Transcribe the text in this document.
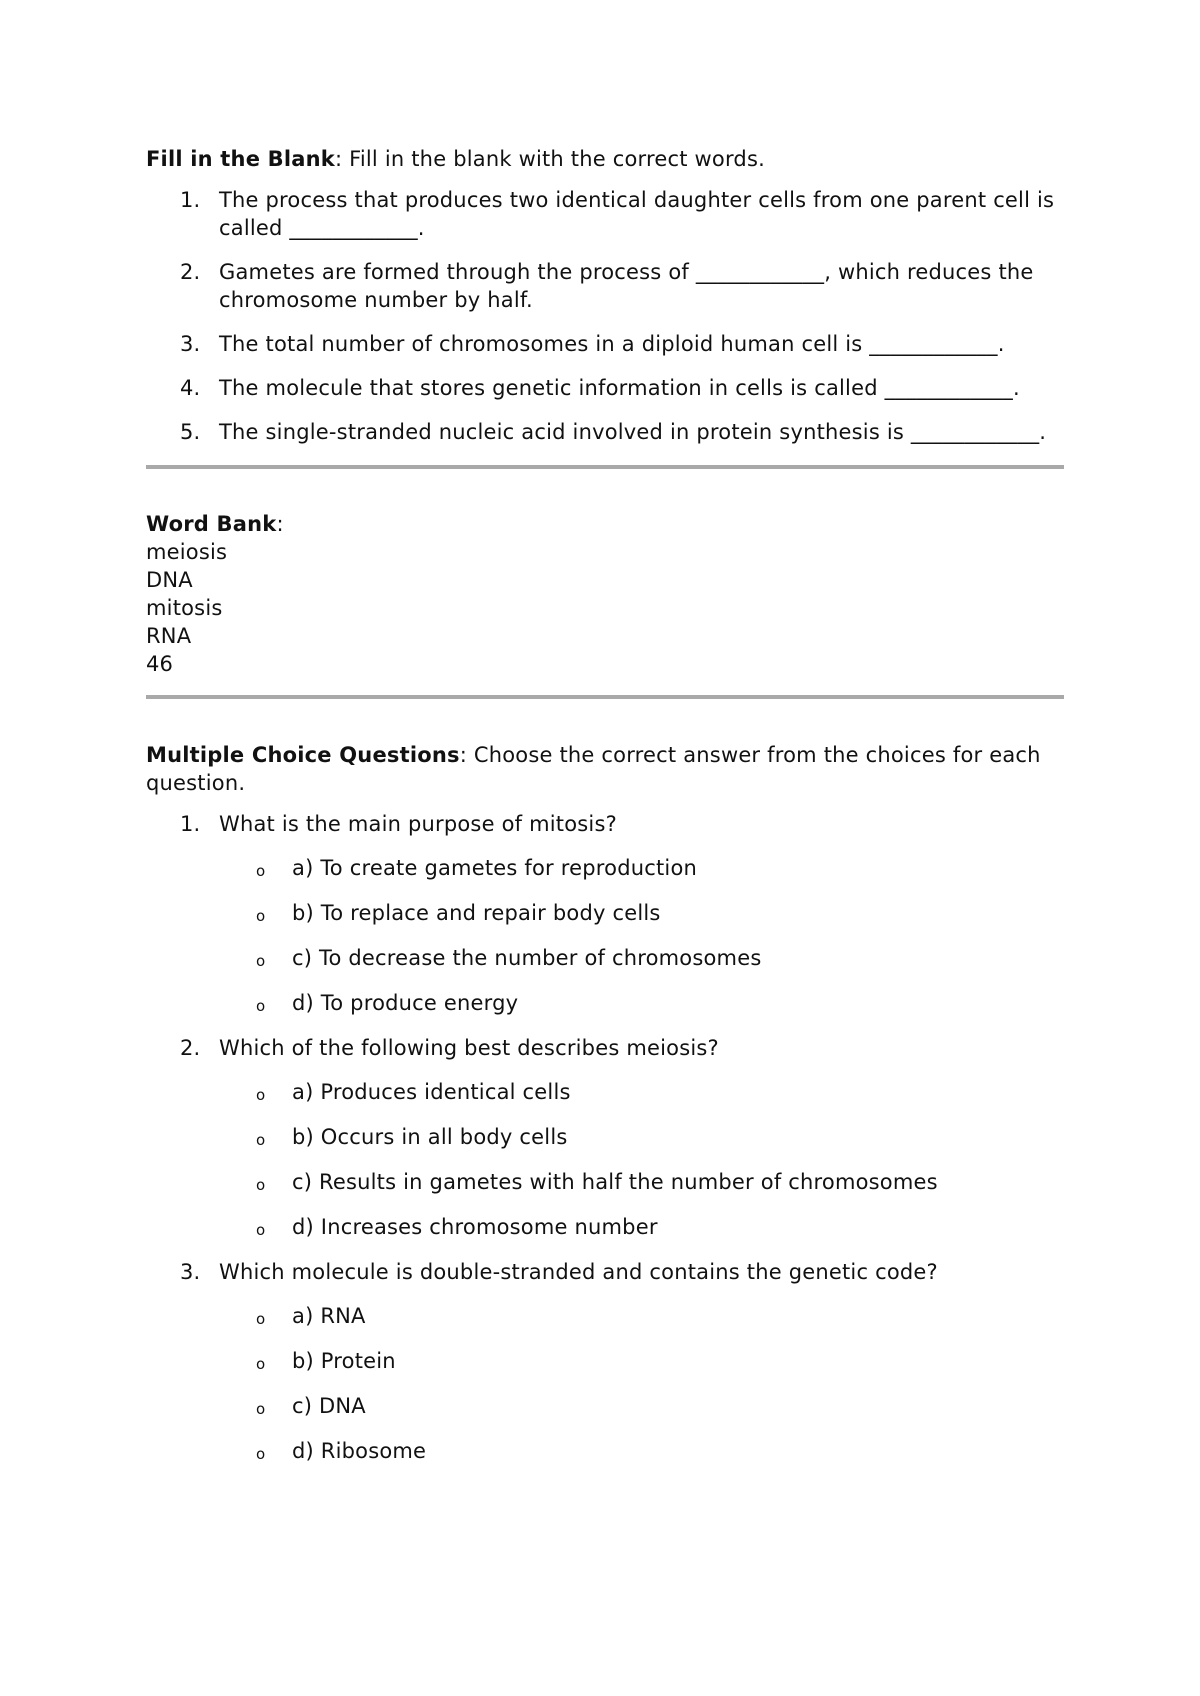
Fill in the Blank: Fill in the blank with the correct words.

1. The process that produces two identical daughter cells from one parent cell is called ____________.
2. Gametes are formed through the process of ____________, which reduces the chromosome number by half.
3. The total number of chromosomes in a diploid human cell is ____________.
4. The molecule that stores genetic information in cells is called ____________.
5. The single-stranded nucleic acid involved in protein synthesis is ____________.

Word Bank:

meiosis
DNA
mitosis
RNA
46

Multiple Choice Questions: Choose the correct answer from the choices for each question.

1. What is the main purpose of mitosis?
o a) To create gametes for reproduction
o b) To replace and repair body cells
o c) To decrease the number of chromosomes
o d) To produce energy
2. Which of the following best describes meiosis?
o a) Produces identical cells
o b) Occurs in all body cells
o c) Results in gametes with half the number of chromosomes
o d) Increases chromosome number
3. Which molecule is double-stranded and contains the genetic code?
o a) RNA
o b) Protein
o c) DNA
o d) Ribosome
